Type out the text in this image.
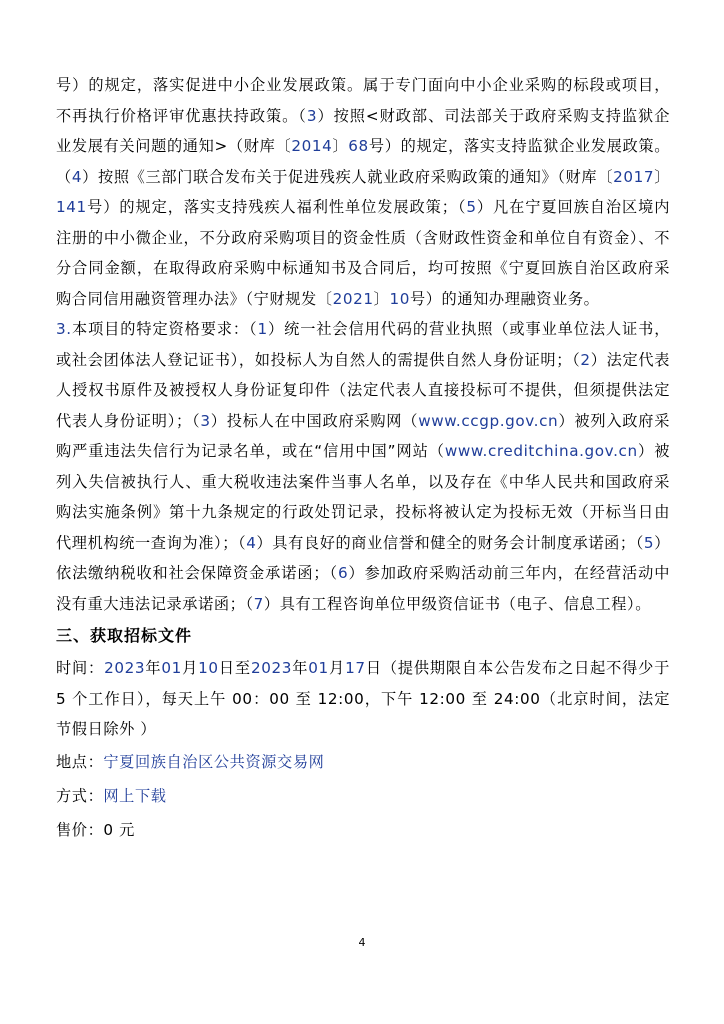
号）的规定，落实促进中小企业发展政策。属于专门面向中小企业采购的标段或项目，不再执行价格评审优惠扶持政策。（3）按照<财政部、司法部关于政府采购支持监狱企业发展有关问题的通知>（财库〔2014〕68号）的规定，落实支持监狱企业发展政策。（4）按照《三部门联合发布关于促进残疾人就业政府采购政策的通知》（财库〔2017〕141号）的规定，落实支持残疾人福利性单位发展政策；（5）凡在宁夏回族自治区境内注册的中小微企业，不分政府采购项目的资金性质（含财政性资金和单位自有资金）、不分合同金额，在取得政府采购中标通知书及合同后，均可按照《宁夏回族自治区政府采购合同信用融资管理办法》（宁财规发〔2021〕10号）的通知办理融资业务。

3.本项目的特定资格要求：（1）统一社会信用代码的营业执照（或事业单位法人证书，或社会团体法人登记证书），如投标人为自然人的需提供自然人身份证明；（2）法定代表人授权书原件及被授权人身份证复印件（法定代表人直接投标可不提供，但须提供法定代表人身份证明）；（3）投标人在中国政府采购网（www.ccgp.gov.cn）被列入政府采购严重违法失信行为记录名单，或在“信用中国”网站（www.creditchina.gov.cn）被列入失信被执行人、重大税收违法案件当事人名单，以及存在《中华人民共和国政府采购法实施条例》第十九条规定的行政处罚记录，投标将被认定为投标无效（开标当日由代理机构统一查询为准）；（4）具有良好的商业信誉和健全的财务会计制度承诺函；（5）依法缴纳税收和社会保障资金承诺函；（6）参加政府采购活动前三年内，在经营活动中没有重大违法记录承诺函；（7）具有工程咨询单位甲级资信证书（电子、信息工程）。

三、获取招标文件

时间：2023年01月10日至2023年01月17日（提供期限自本公告发布之日起不得少于 5 个工作日），每天上午 00：00 至 12:00，下午 12:00 至 24:00（北京时间，法定节假日除外 ）

地点：宁夏回族自治区公共资源交易网

方式：网上下载

售价：0 元

4
